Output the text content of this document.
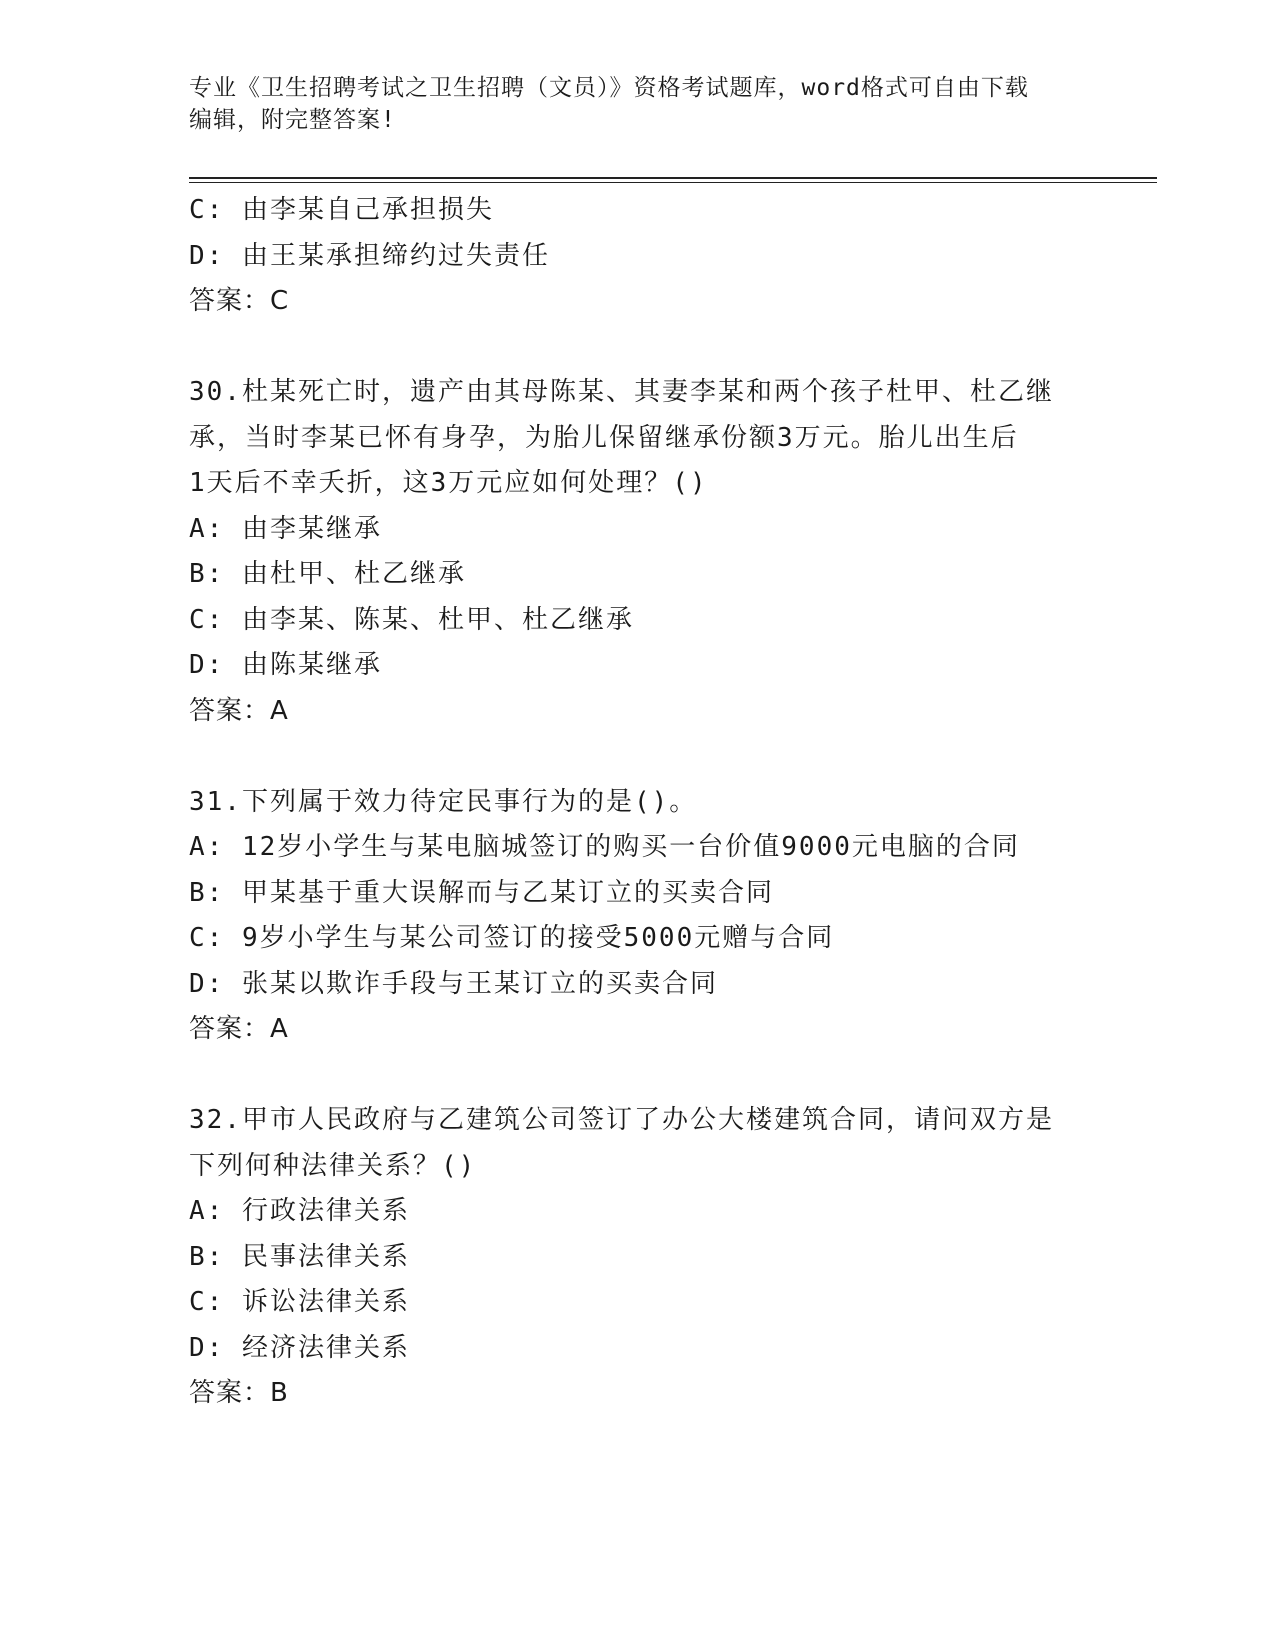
专业《卫生招聘考试之卫生招聘（文员）》资格考试题库，word格式可自由下载
编辑，附完整答案!
C: 由李某自己承担损失
D: 由王某承担缔约过失责任
答案：C
30.杜某死亡时，遗产由其母陈某、其妻李某和两个孩子杜甲、杜乙继
承，当时李某已怀有身孕，为胎儿保留继承份额3万元。胎儿出生后
1天后不幸夭折，这3万元应如何处理？()
A: 由李某继承
B: 由杜甲、杜乙继承
C: 由李某、陈某、杜甲、杜乙继承
D: 由陈某继承
答案：A
31.下列属于效力待定民事行为的是()。
A: 12岁小学生与某电脑城签订的购买一台价值9000元电脑的合同
B: 甲某基于重大误解而与乙某订立的买卖合同
C: 9岁小学生与某公司签订的接受5000元赠与合同
D: 张某以欺诈手段与王某订立的买卖合同
答案：A
32.甲市人民政府与乙建筑公司签订了办公大楼建筑合同，请问双方是
下列何种法律关系？()
A: 行政法律关系
B: 民事法律关系
C: 诉讼法律关系
D: 经济法律关系
答案：B
